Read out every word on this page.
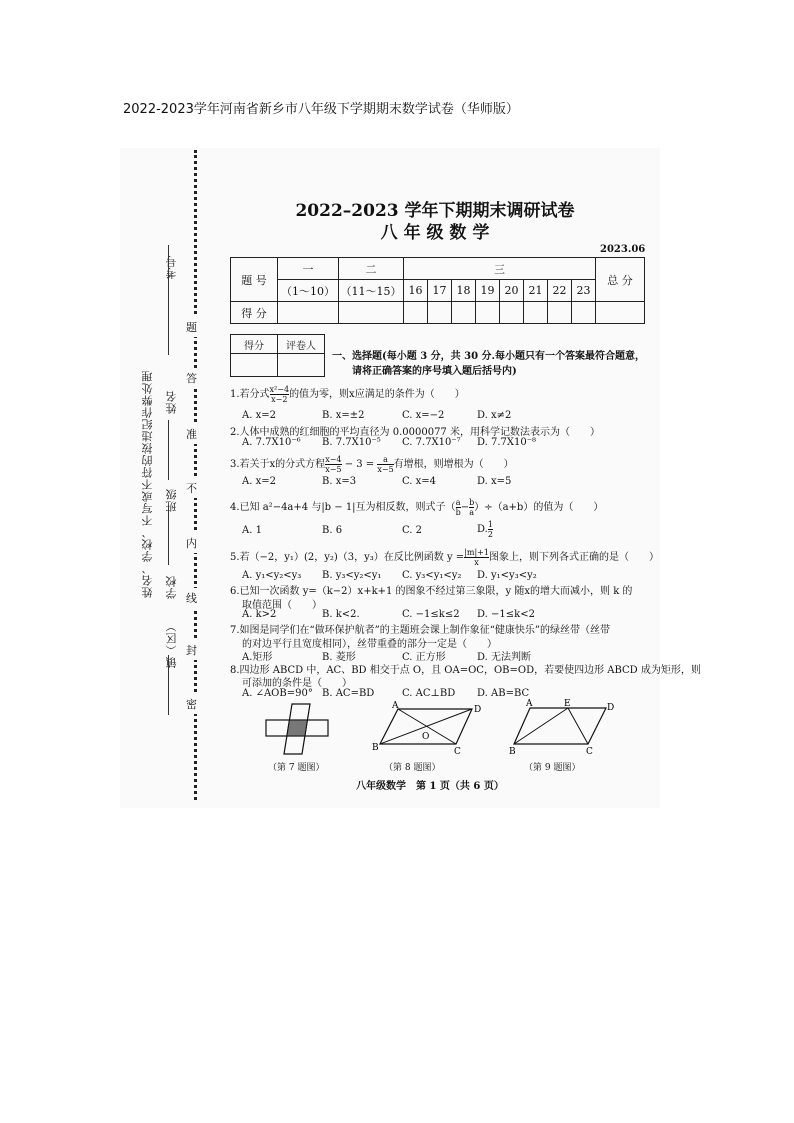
2022-2023学年河南省新乡市八年级下学期期末数学试卷（华师版）
考号
姓名、学校、不写或不符的按违纪作弊处理 姓名
班级
学校
镇（区）
题
答
准
不
内
线
封
密
2022–2023 学年下期期末调研试卷
八 年 级 数 学
2023.06
题 号	一	二	三								总 分
	（1～10）	（11～15）	16	17	18	19	20	21	22	23	
得 分											
得分	评卷人

一、选择题(每小题 3 分，共 30 分.每小题只有一个答案最符合题意，
请将正确答案的序号填入题后括号内)
1.若分式 $\frac{\text{x²−4}}{x-2}$ 的值为零，则x应满足的条件为（　　）
A. x=2	B. x=±2	C. x=−2	D. x≠2
2.人体中成熟的红细胞的平均直径为 0.0000077 米，用科学记数法表示为（　　）
A. 7.7X10⁻⁶ B. 7.7X10⁻⁵ C. 7.7X10⁻⁷ D. 7.7X10⁻⁸
3.若关于x的分式方程 $\frac{x-4}{x-5} - 3 = \frac{a}{x-5}$ 有增根，则增根为（　　）
A. x=2	B. x=3	C. x=4	D. x=5
4.已知 a²−4a+4 与|b − 1|互为相反数，则式子（ $\frac{a}{b} - \frac{b}{a} )\div(a+b)$的值为（　　）
A. 1	B. 6	C. 2	D. $\frac{1}{2}$
5.若（−2，y₁）(2，y₂)（3，y₃）在反比例函数 $y = \frac{|m|+1}{x}$ 图象上，则下列各式正确的是（　　）
A. y₁<y₂<y₃ B. y₃<y₂<y₁ C. y₃<y₁<y₂ D. y₁<y₃<y₂
6.已知一次函数 y=（k−2）x+k+1 的图象不经过第三象限，y 随x的增大而减小，则 k 的
取值范围（　　）
A. k>2	B. k<2.	C. −1≤k≤2 D. −1≤k<2
7.如图是同学们在“做环保护航者”的主题班会课上制作象征“健康快乐”的绿丝带（丝带
的对边平行且宽度相同），丝带重叠的部分一定是（　　）
A.矩形	B. 菱形	C. 正方形	D. 无法判断
8.四边形 ABCD 中，AC、BD 相交于点 O，且 OA=OC，OB=OD，若要使四边形 ABCD 成为矩形，则
可添加的条件是（　　）
A. ∠AOB=90° B. AC=BD	C. AC⊥BD D. AB=BC
（第 7 题图）
A	D
B	C
O
（第 8 题图）
A	E	D
B	C
（第 9 题图）
八年级数学　第 1 页（共 6 页）
